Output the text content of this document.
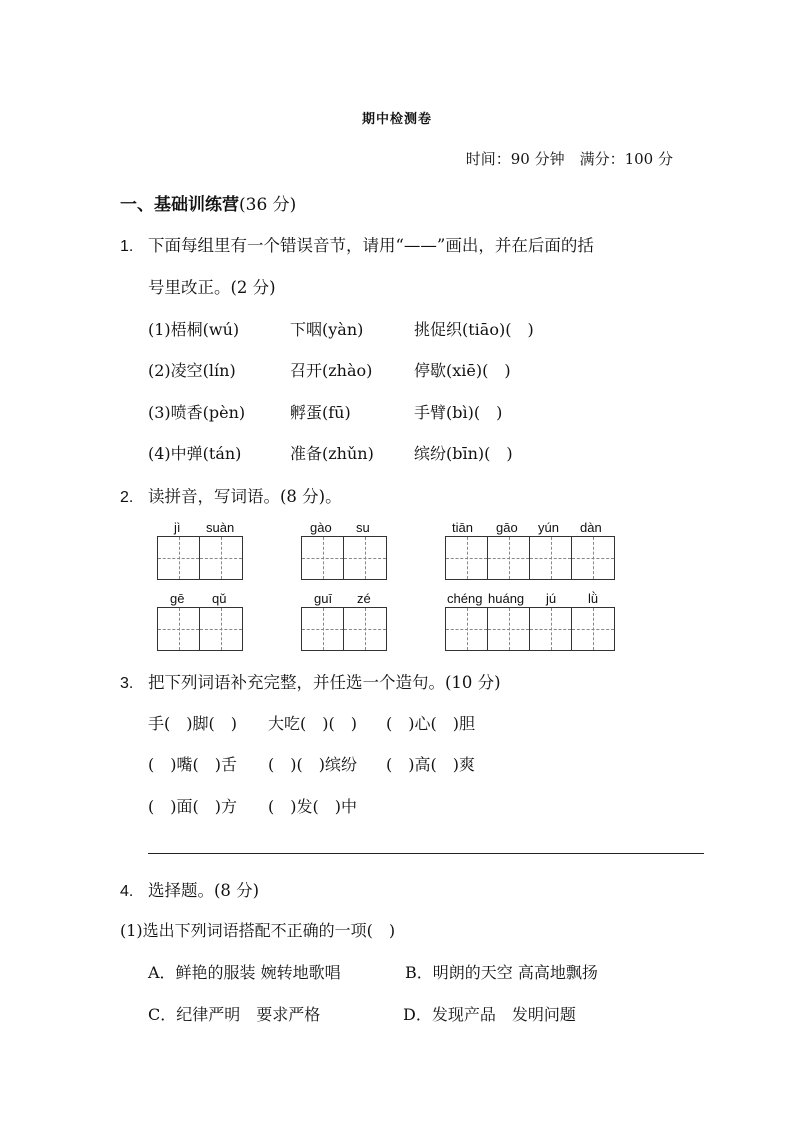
期中检测卷
时间：90 分钟　满分：100 分
一、基础训练营(36 分)
1. 下面每组里有一个错误音节，请用“——”画出，并在后面的括
号里改正。(2 分)
(1)梧桐(wú)	下咽(yàn)	挑促织(tiāo)(　)
(2)凌空(lín)	召开(zhào)	停歇(xiē)(　)
(3)喷香(pèn)	孵蛋(fū)	手臂(bì)(　)
(4)中弹(tán)	准备(zhǔn)	缤纷(bīn)(　)
2. 读拼音，写词语。(8 分)。
jì suàn	gào su	tiān gāo yún dàn
gē qǔ	guī zé	chéng huáng jú lǜ
3. 把下列词语补充完整，并任选一个造句。(10 分)
手(　)脚(　) 大吃(　)(　) (　)心(　)胆
(　)嘴(　)舌 (　)(　)缤纷 (　)高(　)爽
(　)面(　)方 (　)发(　)中
4. 选择题。(8 分)
(1)选出下列词语搭配不正确的一项(　)
A．鲜艳的服装 婉转地歌唱	B．明朗的天空 高高地飘扬
C．纪律严明　要求严格	D．发现产品　发明问题
